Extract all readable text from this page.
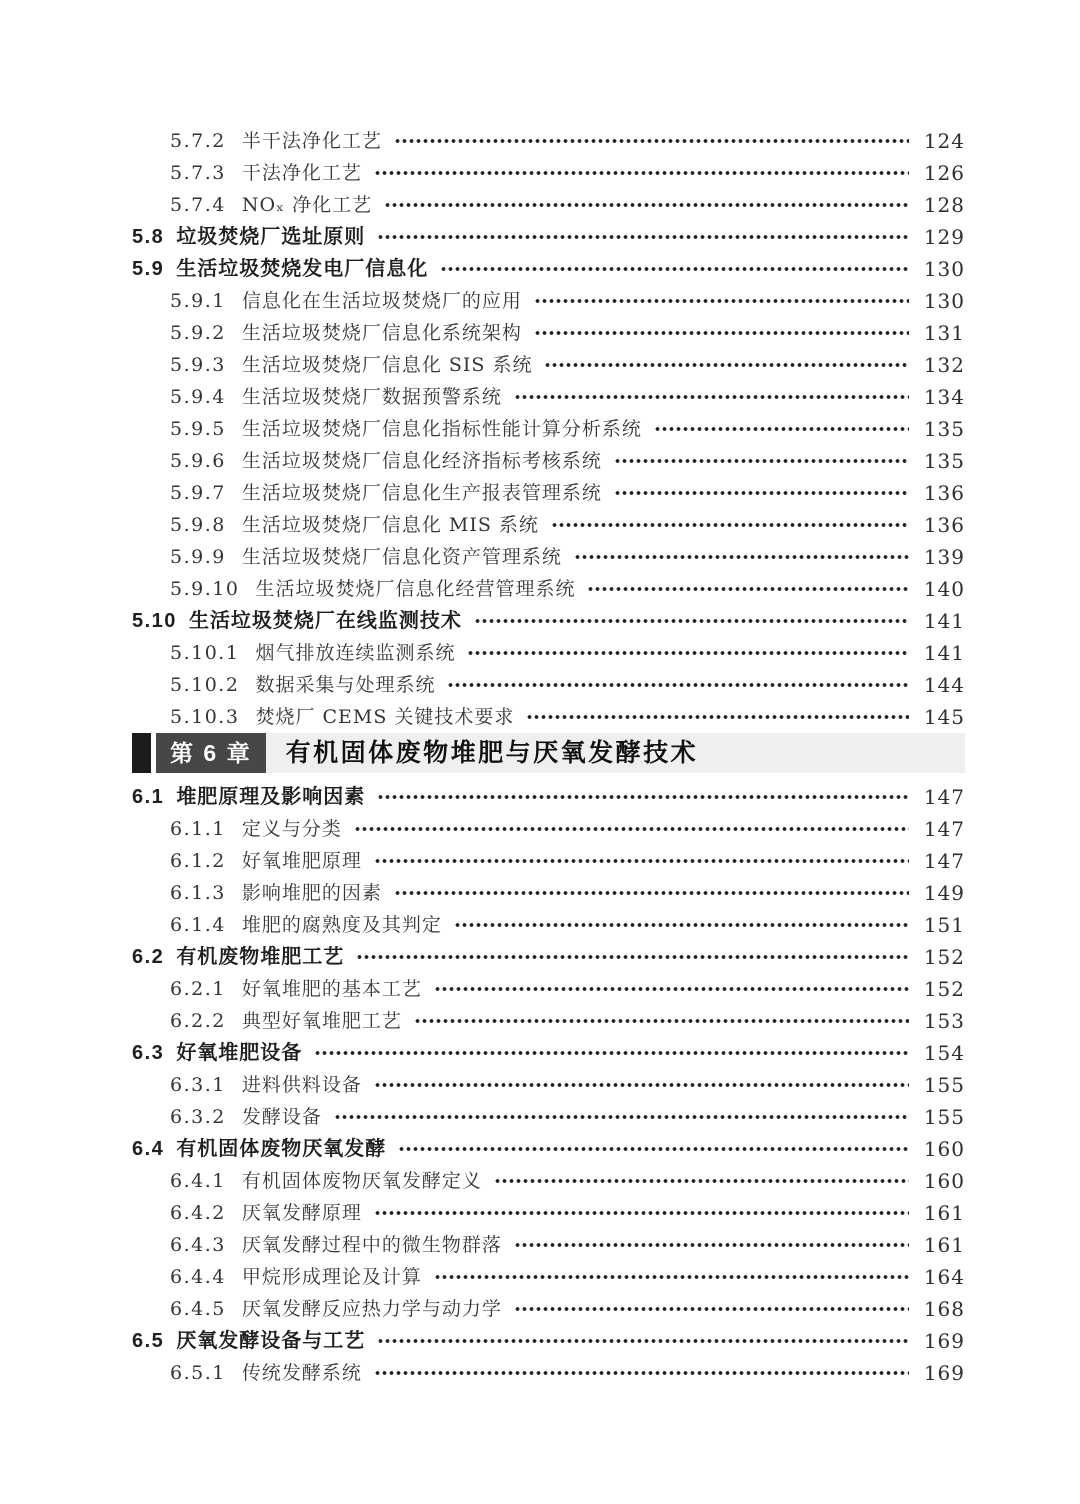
5.7.2 半干法净化工艺	124
5.7.3 干法净化工艺	126
5.7.4 NOₓ 净化工艺	128
5.8 垃圾焚烧厂选址原则	129
5.9 生活垃圾焚烧发电厂信息化	130
5.9.1 信息化在生活垃圾焚烧厂的应用	130
5.9.2 生活垃圾焚烧厂信息化系统架构	131
5.9.3 生活垃圾焚烧厂信息化 SIS 系统	132
5.9.4 生活垃圾焚烧厂数据预警系统	134
5.9.5 生活垃圾焚烧厂信息化指标性能计算分析系统	135
5.9.6 生活垃圾焚烧厂信息化经济指标考核系统	135
5.9.7 生活垃圾焚烧厂信息化生产报表管理系统	136
5.9.8 生活垃圾焚烧厂信息化 MIS 系统	136
5.9.9 生活垃圾焚烧厂信息化资产管理系统	139
5.9.10 生活垃圾焚烧厂信息化经营管理系统	140
5.10 生活垃圾焚烧厂在线监测技术	141
5.10.1 烟气排放连续监测系统	141
5.10.2 数据采集与处理系统	144
5.10.3 焚烧厂 CEMS 关键技术要求	145
第 6 章	有机固体废物堆肥与厌氧发酵技术
6.1 堆肥原理及影响因素	147
6.1.1 定义与分类	147
6.1.2 好氧堆肥原理	147
6.1.3 影响堆肥的因素	149
6.1.4 堆肥的腐熟度及其判定	151
6.2 有机废物堆肥工艺	152
6.2.1 好氧堆肥的基本工艺	152
6.2.2 典型好氧堆肥工艺	153
6.3 好氧堆肥设备	154
6.3.1 进料供料设备	155
6.3.2 发酵设备	155
6.4 有机固体废物厌氧发酵	160
6.4.1 有机固体废物厌氧发酵定义	160
6.4.2 厌氧发酵原理	161
6.4.3 厌氧发酵过程中的微生物群落	161
6.4.4 甲烷形成理论及计算	164
6.4.5 厌氧发酵反应热力学与动力学	168
6.5 厌氧发酵设备与工艺	169
6.5.1 传统发酵系统	169
